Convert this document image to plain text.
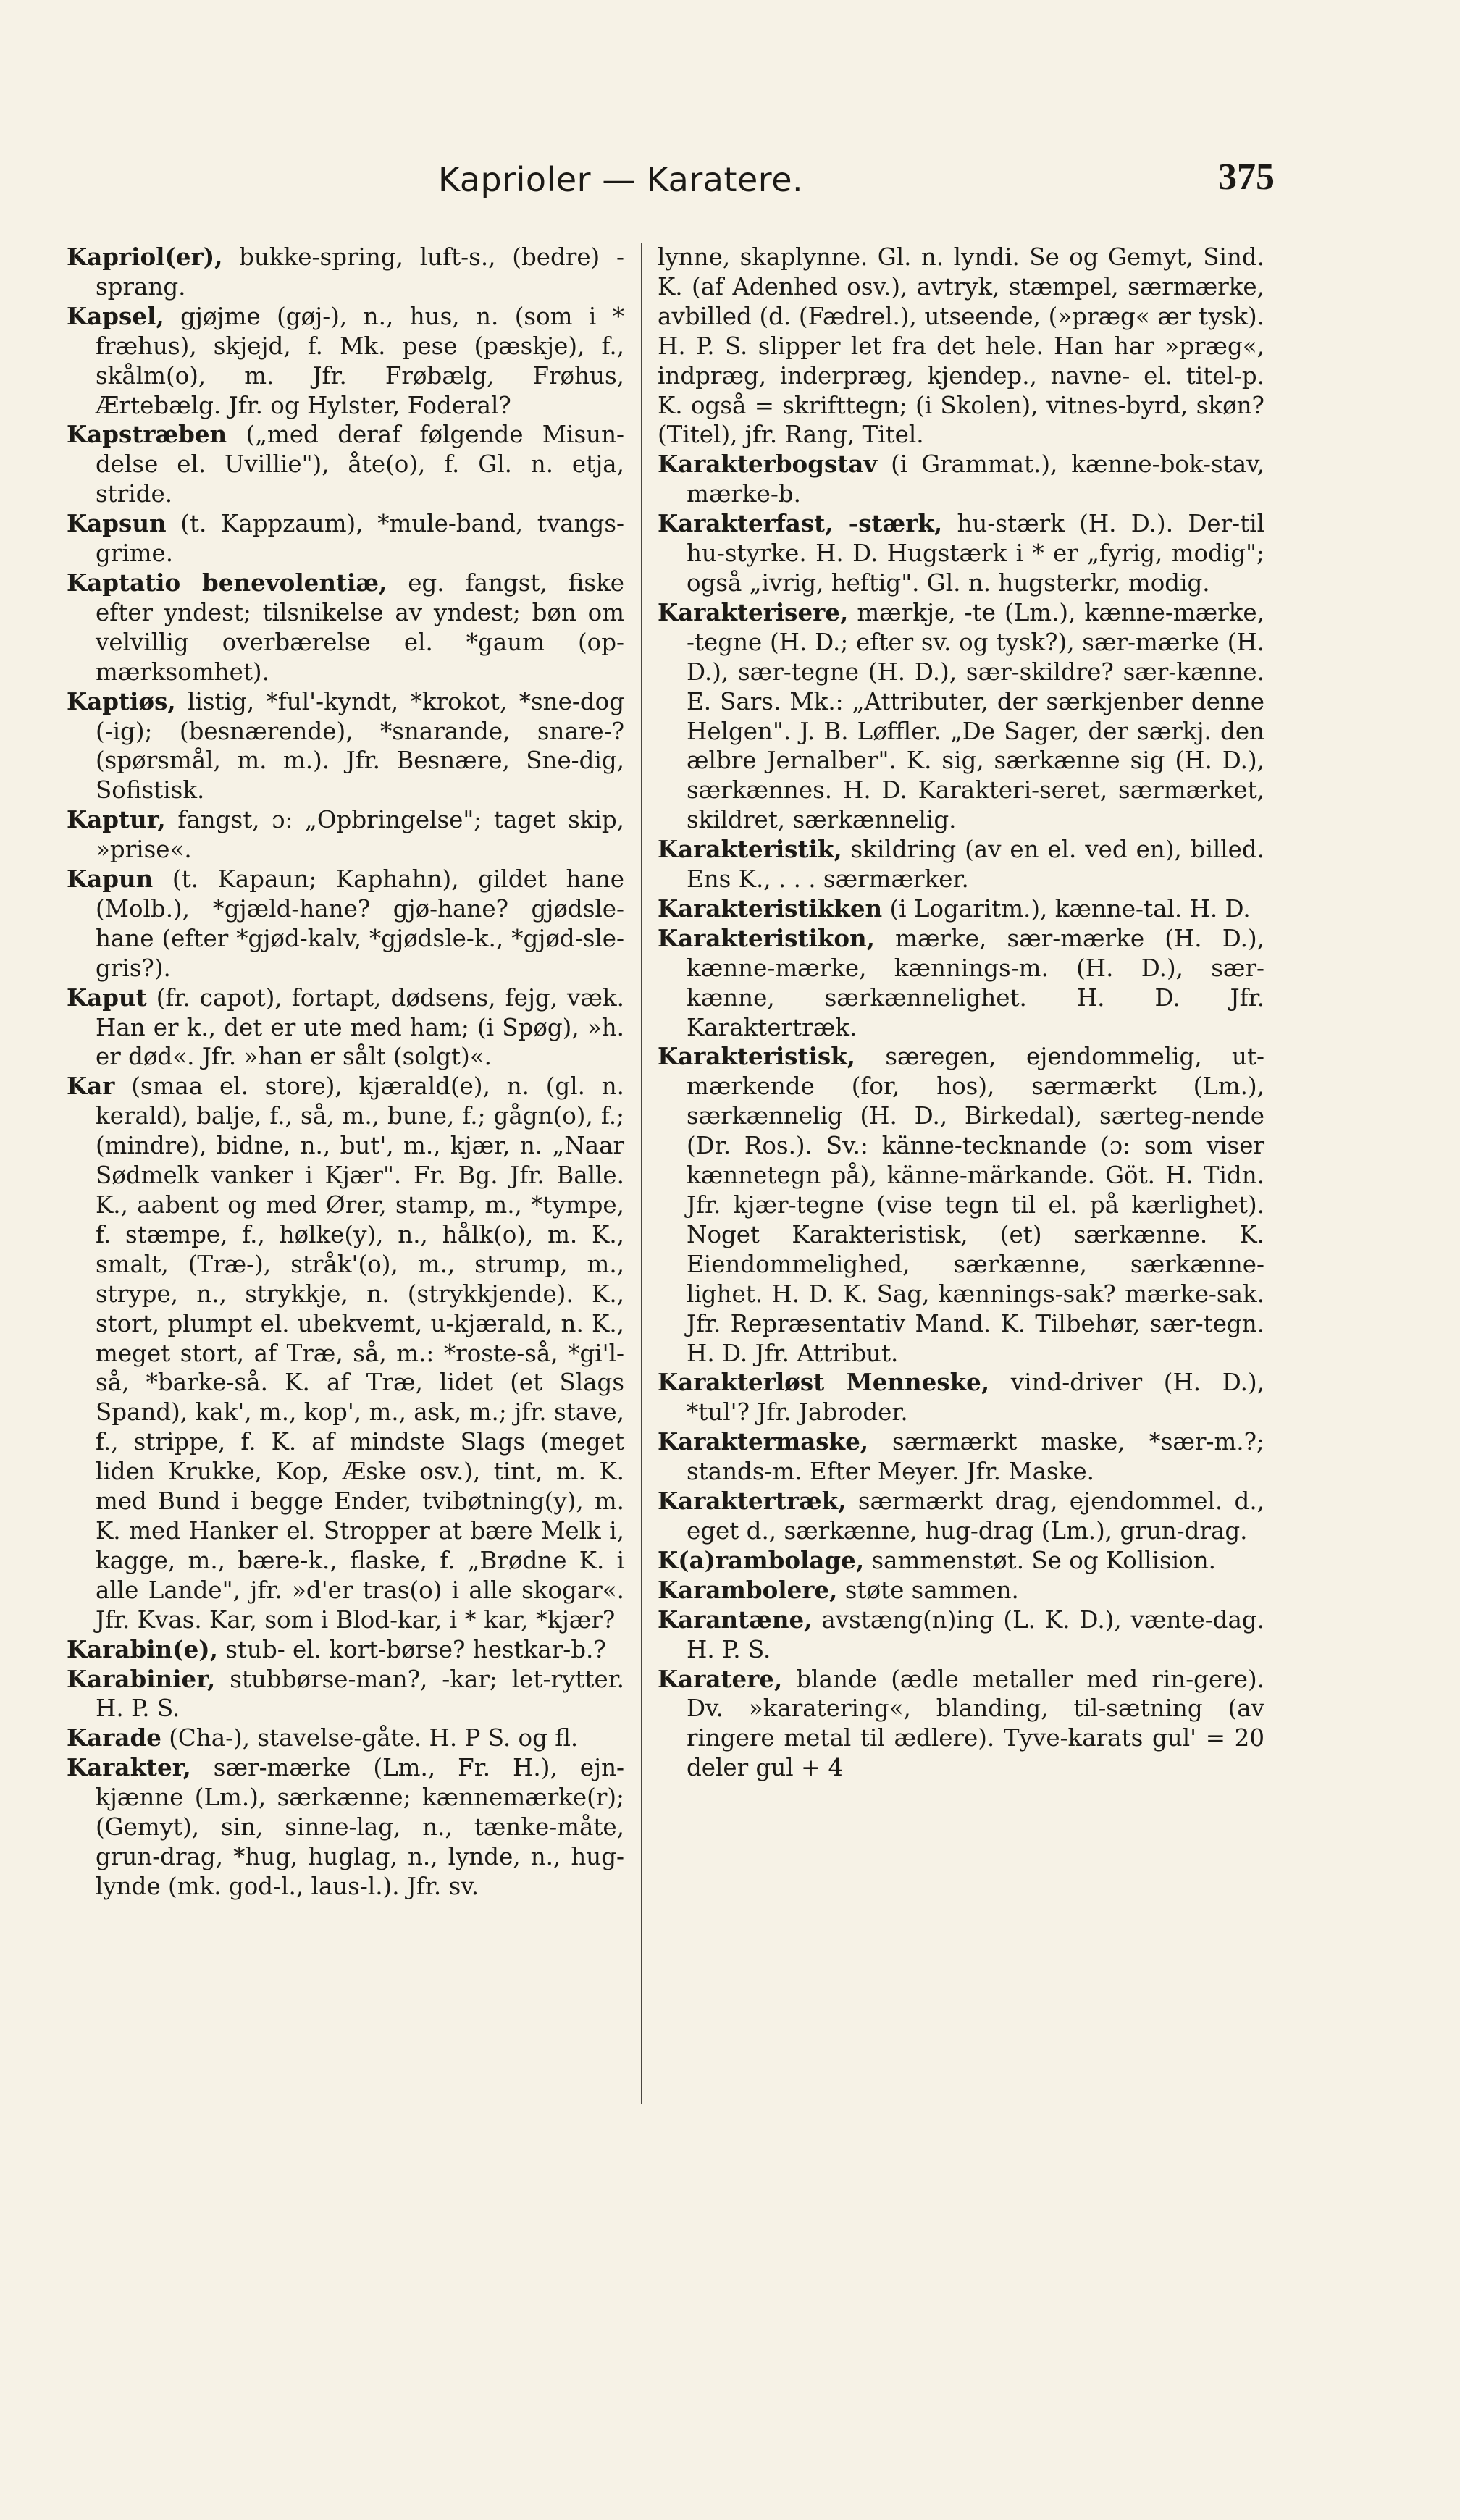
Kaprioler — Karatere.	375

Kapriol(er), bukke-spring, luft-s., (bedre) -sprang.

Kapsel, gjøjme (gøj-), n., hus, n. (som i * fræhus), skjejd, f. Mk. pese (pæskje), f., skålm(o), m. Jfr. Frøbælg, Frøhus, Ærtebælg. Jfr. og Hylster, Foderal?

Kapstræben („med deraf følgende Misun-delse el. Uvillie"), åte(o), f. Gl. n. etja, stride.

Kapsun (t. Kappzaum), *mule-band, tvangs-grime.

Kaptatio benevolentiæ, eg. fangst, fiske efter yndest; tilsnikelse av yndest; bøn om velvillig overbærelse el. *gaum (op-mærksomhet).

Kaptiøs, listig, *ful'-kyndt, *krokot, *sne-dog (-ig); (besnærende), *snarande, snare-? (spørsmål, m. m.). Jfr. Besnære, Sne-dig, Sofistisk.

Kaptur, fangst, ɔ: „Opbringelse"; taget skip, »prise«.

Kapun (t. Kapaun; Kaphahn), gildet hane (Molb.), *gjæld-hane? gjø-hane? gjødsle-hane (efter *gjød-kalv, *gjødsle-k., *gjød-sle-gris?).

Kaput (fr. capot), fortapt, dødsens, fejg, væk. Han er k., det er ute med ham; (i Spøg), »h. er død«. Jfr. »han er sålt (solgt)«.

Kar (smaa el. store), kjærald(e), n. (gl. n. kerald), balje, f., så, m., bune, f.; gågn(o), f.; (mindre), bidne, n., but', m., kjær, n. „Naar Sødmelk vanker i Kjær". Fr. Bg. Jfr. Balle. K., aabent og med Ører, stamp, m., *tympe, f. stæmpe, f., hølke(y), n., hålk(o), m. K., smalt, (Træ-), stråk'(o), m., strump, m., strype, n., strykkje, n. (strykkjende). K., stort, plumpt el. ubekvemt, u-kjærald, n. K., meget stort, af Træ, så, m.: *roste-så, *gi'l-så, *barke-så. K. af Træ, lidet (et Slags Spand), kak', m., kop', m., ask, m.; jfr. stave, f., strippe, f. K. af mindste Slags (meget liden Krukke, Kop, Æske osv.), tint, m. K. med Bund i begge Ender, tvibøtning(y), m. K. med Hanker el. Stropper at bære Melk i, kagge, m., bære-k., flaske, f. „Brødne K. i alle Lande", jfr. »d'er tras(o) i alle skogar«. Jfr. Kvas. Kar, som i Blod-kar, i * kar, *kjær?

Karabin(e), stub- el. kort-børse? hestkar-b.?

Karabinier, stubbørse-man?, -kar; let-rytter. H. P. S.

Karade (Cha-), stavelse-gåte. H. P S. og fl.

Karakter, sær-mærke (Lm., Fr. H.), ejn-kjænne (Lm.), særkænne; kænnemærke(r); (Gemyt), sin, sinne-lag, n., tænke-måte, grun-drag, *hug, huglag, n., lynde, n., hug-lynde (mk. god-l., laus-l.). Jfr. sv.

lynne, skaplynne. Gl. n. lyndi. Se og Gemyt, Sind. K. (af Adenhed osv.), avtryk, stæmpel, særmærke, avbilled (d. (Fædrel.), utseende, (»præg« ær tysk). H. P. S. slipper let fra det hele. Han har »præg«, indpræg, inderpræg, kjendep., navne- el. titel-p. K. også = skrifttegn; (i Skolen), vitnes-byrd, skøn? (Titel), jfr. Rang, Titel.

Karakterbogstav (i Grammat.), kænne-bok-stav, mærke-b.

Karakterfast, -stærk, hu-stærk (H. D.). Der-til hu-styrke. H. D. Hugstærk i * er „fyrig, modig"; også „ivrig, heftig". Gl. n. hugsterkr, modig.

Karakterisere, mærkje, -te (Lm.), kænne-mærke, -tegne (H. D.; efter sv. og tysk?), sær-mærke (H. D.), sær-tegne (H. D.), sær-skildre? sær-kænne. E. Sars. Mk.: „Attributer, der særkjenber denne Helgen". J. B. Løffler. „De Sager, der særkj. den ælbre Jernalber". K. sig, særkænne sig (H. D.), særkænnes. H. D. Karakteri-seret, særmærket, skildret, særkænnelig.

Karakteristik, skildring (av en el. ved en), billed. Ens K., . . . særmærker.

Karakteristikken (i Logaritm.), kænne-tal. H. D.

Karakteristikon, mærke, sær-mærke (H. D.), kænne-mærke, kænnings-m. (H. D.), sær-kænne, særkænnelighet. H. D. Jfr. Karaktertræk.

Karakteristisk, særegen, ejendommelig, ut-mærkende (for, hos), særmærkt (Lm.), særkænnelig (H. D., Birkedal), særteg-nende (Dr. Ros.). Sv.: känne-tecknande (ɔ: som viser kænnetegn på), känne-märkande. Göt. H. Tidn. Jfr. kjær-tegne (vise tegn til el. på kærlighet). Noget Karakteristisk, (et) særkænne. K. Eiendommelighed, særkænne, særkænne-lighet. H. D. K. Sag, kænnings-sak? mærke-sak. Jfr. Repræsentativ Mand. K. Tilbehør, sær-tegn. H. D. Jfr. Attribut.

Karakterløst Menneske, vind-driver (H. D.), *tul'? Jfr. Jabroder.

Karaktermaske, særmærkt maske, *sær-m.?; stands-m. Efter Meyer. Jfr. Maske.

Karaktertræk, særmærkt drag, ejendommel. d., eget d., særkænne, hug-drag (Lm.), grun-drag.

K(a)rambolage, sammenstøt. Se og Kollision.

Karambolere, støte sammen.

Karantæne, avstæng(n)ing (L. K. D.), vænte-dag. H. P. S.

Karatere, blande (ædle metaller med rin-gere). Dv. »karatering«, blanding, til-sætning (av ringere metal til ædlere). Tyve-karats gul' = 20 deler gul + 4
